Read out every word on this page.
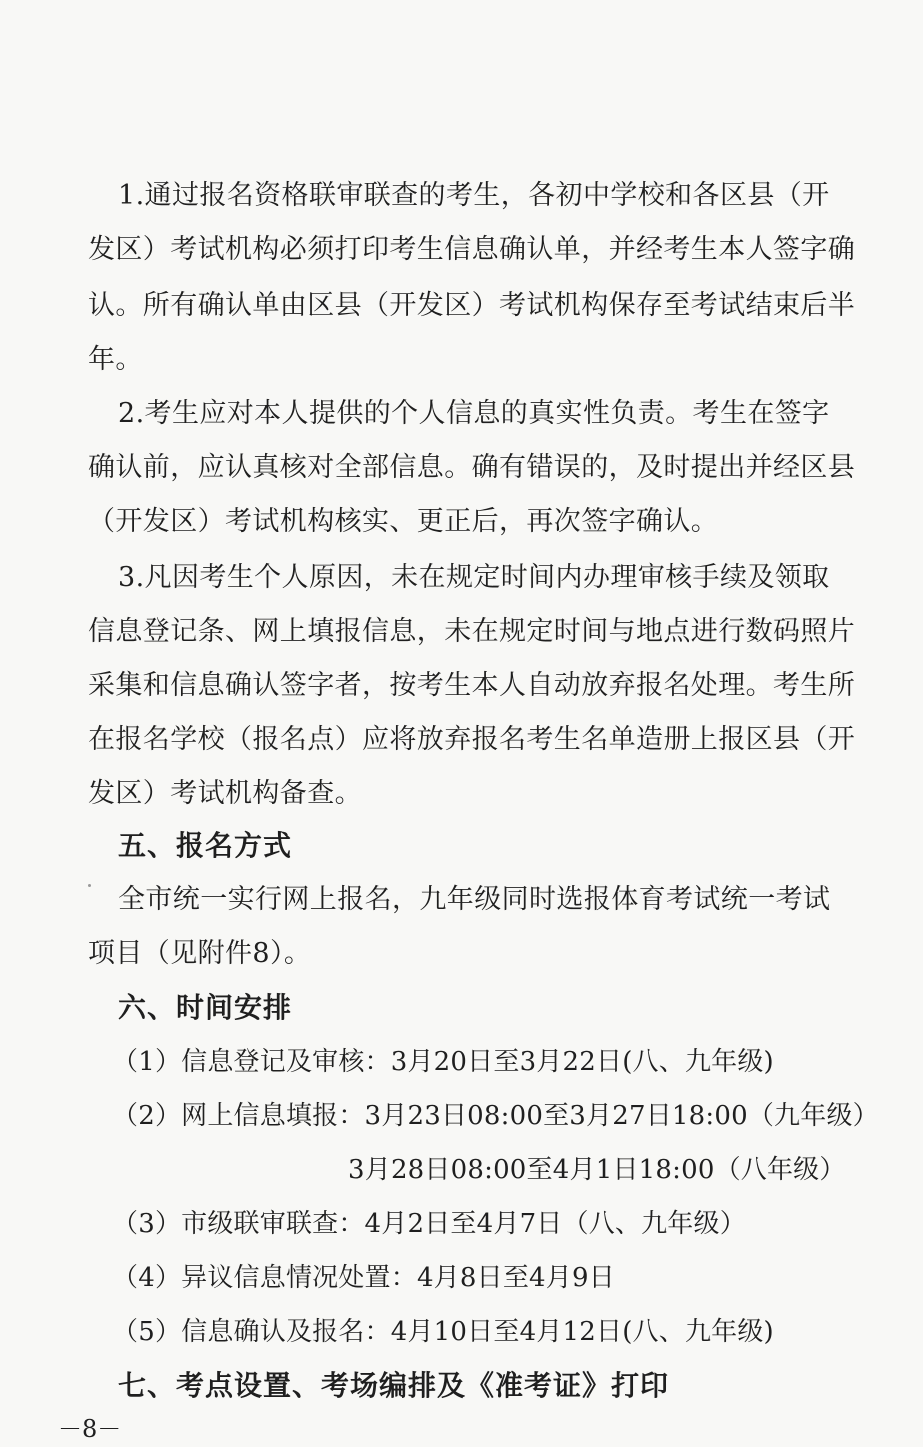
1.通过报名资格联审联查的考生，各初中学校和各区县（开
发区）考试机构必须打印考生信息确认单，并经考生本人签字确
认。所有确认单由区县（开发区）考试机构保存至考试结束后半
年。
2.考生应对本人提供的个人信息的真实性负责。考生在签字
确认前，应认真核对全部信息。确有错误的，及时提出并经区县
（开发区）考试机构核实、更正后，再次签字确认。
3.凡因考生个人原因，未在规定时间内办理审核手续及领取
信息登记条、网上填报信息，未在规定时间与地点进行数码照片
采集和信息确认签字者，按考生本人自动放弃报名处理。考生所
在报名学校（报名点）应将放弃报名考生名单造册上报区县（开
发区）考试机构备查。
五、报名方式
全市统一实行网上报名，九年级同时选报体育考试统一考试
项目（见附件8）。
六、时间安排
（1）信息登记及审核：3月20日至3月22日(八、九年级)
（2）网上信息填报：3月23日08:00至3月27日18:00（九年级）
3月28日08:00至4月1日18:00（八年级）
（3）市级联审联查：4月2日至4月7日（八、九年级）
（4）异议信息情况处置：4月8日至4月9日
（5）信息确认及报名：4月10日至4月12日(八、九年级)
七、考点设置、考场编排及《准考证》打印
－8－
